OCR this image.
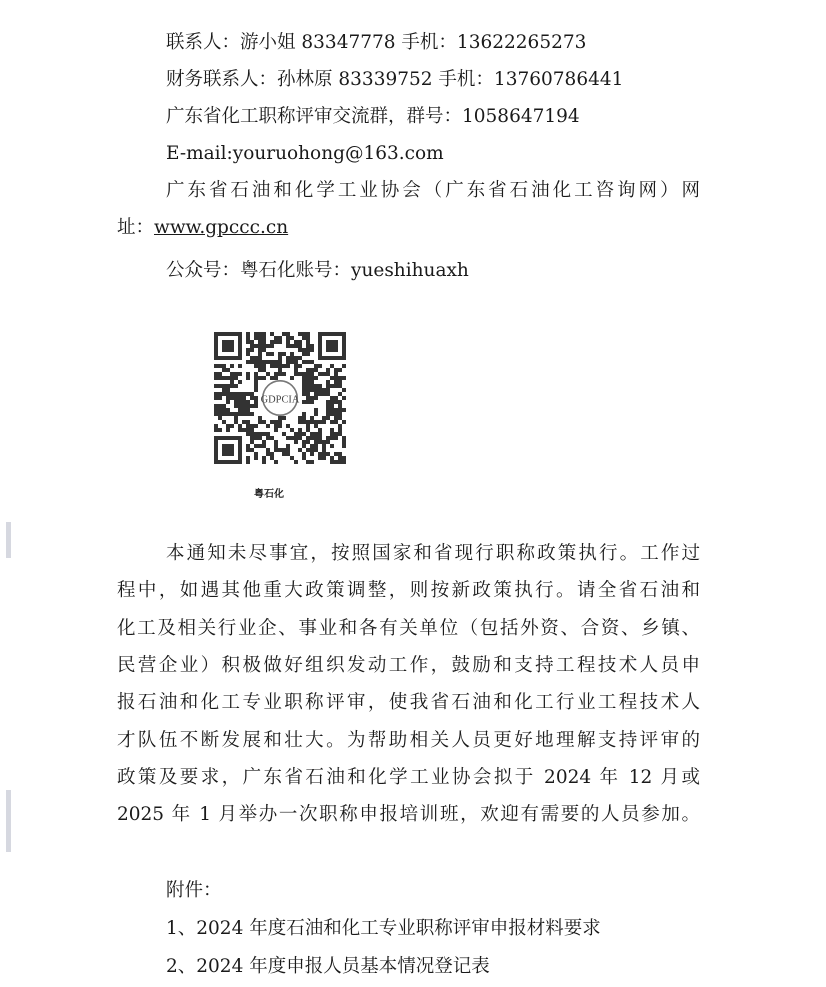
联系人：游小姐 83347778 手机：13622265273
财务联系人：孙林原 83339752 手机：13760786441
广东省化工职称评审交流群，群号：1058647194
E-mail:youruohong@163.com
广东省石油和化学工业协会（广东省石油化工咨询网）网
址：www.gpccc.cn
公众号：粤石化账号：yueshihuaxh
GDPCIA
粤石化
本通知未尽事宜，按照国家和省现行职称政策执行。工作过
程中，如遇其他重大政策调整，则按新政策执行。请全省石油和
化工及相关行业企、事业和各有关单位（包括外资、合资、乡镇、
民营企业）积极做好组织发动工作，鼓励和支持工程技术人员申
报石油和化工专业职称评审，使我省石油和化工行业工程技术人
才队伍不断发展和壮大。为帮助相关人员更好地理解支持评审的
政策及要求，广东省石油和化学工业协会拟于 2024 年 12 月或
2025 年 1 月举办一次职称申报培训班，欢迎有需要的人员参加。
附件：
1、2024 年度石油和化工专业职称评审申报材料要求
2、2024 年度申报人员基本情况登记表
